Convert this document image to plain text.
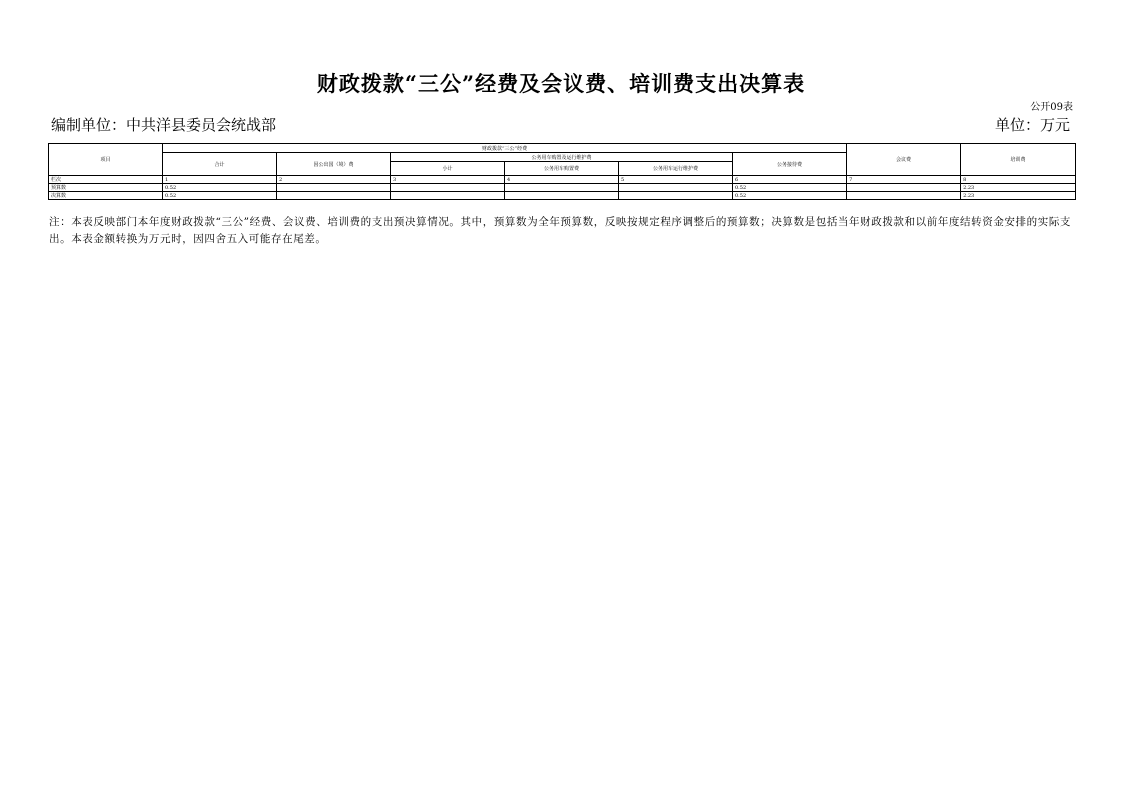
财政拨款“三公”经费及会议费、培训费支出决算表
公开09表
编制单位：中共洋县委员会统战部	单位：万元
项目	财政拨款“三公”经费						会议费	培训费
	合计	因公出国（境）费	公务用车购置及运行维护费			公务接待费		
			小计	公务用车购置费	公务用车运行维护费			
栏次	1	2	3	4	5	6	7	8
预算数	0.52					0.52		2.23
决算数	0.52					0.52		2.23
注：本表反映部门本年度财政拨款“三公”经费、会议费、培训费的支出预决算情况。其中，预算数为全年预算数，反映按规定程序调整后的预算数；决算数是包括当年财政拨款和以前年度结转资金安排的实际支出。本表金额转换为万元时，因四舍五入可能存在尾差。
